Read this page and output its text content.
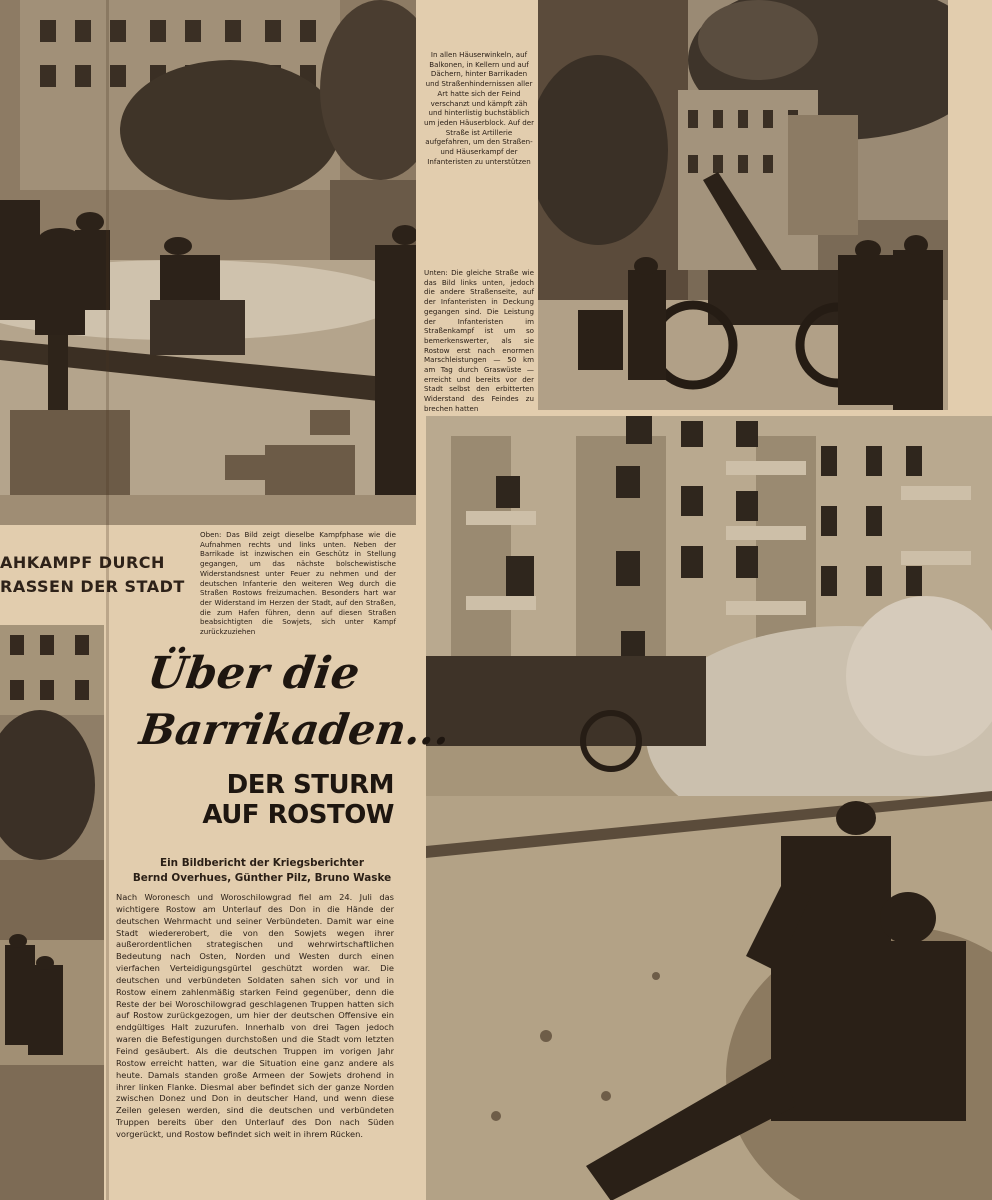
In allen Häuserwinkeln, auf Balkonen, in Kellern und auf Dächern, hinter Barrikaden und Straßenhindernissen aller Art hatte sich der Feind verschanzt und kämpft zäh und hinterlistig buchstäblich um jeden Häuserblock. Auf der Straße ist Artillerie aufgefahren, um den Straßen- und Häuserkampf der Infanteristen zu unterstützen

Unten: Die gleiche Straße wie das Bild links unten, jedoch die andere Straßenseite, auf der Infanteristen in Deckung gegangen sind. Die Leistung der Infanteristen im Straßenkampf ist um so bemerkenswerter, als sie Rostow erst nach enormen Marschleistungen — 50 km am Tag durch Graswüste — erreicht und bereits vor der Stadt selbst den erbitterten Widerstand des Feindes zu brechen hatten

AHKAMPF DURCH
RASSEN DER STADT

Oben: Das Bild zeigt dieselbe Kampfphase wie die Aufnahmen rechts und links unten. Neben der Barrikade ist inzwischen ein Geschütz in Stellung gegangen, um das nächste bolschewistische Widerstandsnest unter Feuer zu nehmen und der deutschen Infanterie den weiteren Weg durch die Straßen Rostows freizumachen. Besonders hart war der Widerstand im Herzen der Stadt, auf den Straßen, die zum Hafen führen, denn auf diesen Straßen beabsichtigten die Sowjets, sich unter Kampf zurückzuziehen

Über die
Barrikaden...
DER STURM
AUF ROSTOW
Ein Bildbericht der Kriegsberichter
Bernd Overhues, Günther Pilz, Bruno Waske

Nach Woronesch und Woroschilowgrad fiel am 24. Juli das wichtigere Rostow am Unterlauf des Don in die Hände der deutschen Wehrmacht und seiner Verbündeten. Damit war eine Stadt wiedererobert, die von den Sowjets wegen ihrer außerordentlichen strategischen und wehrwirtschaftlichen Bedeutung nach Osten, Norden und Westen durch einen vierfachen Verteidigungsgürtel geschützt worden war. Die deutschen und verbündeten Soldaten sahen sich vor und in Rostow einem zahlenmäßig starken Feind gegenüber, denn die Reste der bei Woroschilowgrad geschlagenen Truppen hatten sich auf Rostow zurückgezogen, um hier der deutschen Offensive ein endgültiges Halt zuzurufen. Innerhalb von drei Tagen jedoch waren die Befestigungen durchstoßen und die Stadt vom letzten Feind gesäubert. Als die deutschen Truppen im vorigen Jahr Rostow erreicht hatten, war die Situation eine ganz andere als heute. Damals standen große Armeen der Sowjets drohend in ihrer linken Flanke. Diesmal aber befindet sich der ganze Norden zwischen Donez und Don in deutscher Hand, und wenn diese Zeilen gelesen werden, sind die deutschen und verbündeten Truppen bereits über den Unterlauf des Don nach Süden vorgerückt, und Rostow befindet sich weit in ihrem Rücken.
